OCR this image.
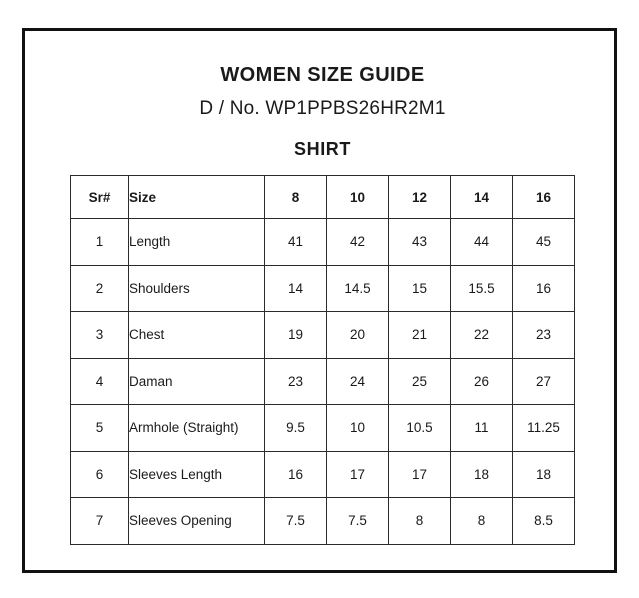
WOMEN SIZE GUIDE
D / No. WP1PPBS26HR2M1
SHIRT
Sr#	Size	8	10	12	14	16
1	Length	41	42	43	44	45
2	Shoulders	14	14.5	15	15.5	16
3	Chest	19	20	21	22	23
4	Daman	23	24	25	26	27
5	Armhole (Straight)	9.5	10	10.5	11	11.25
6	Sleeves Length	16	17	17	18	18
7	Sleeves Opening	7.5	7.5	8	8	8.5
